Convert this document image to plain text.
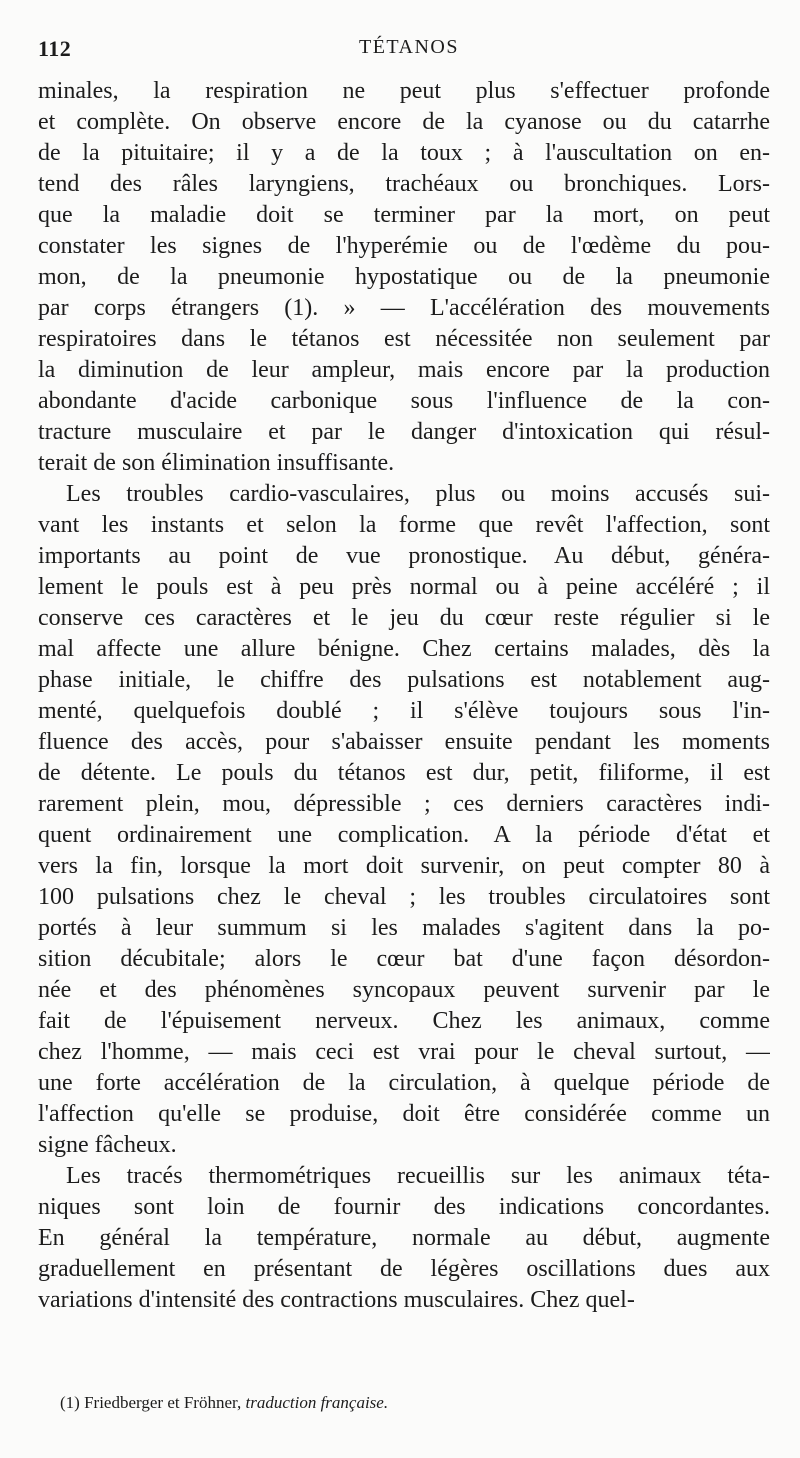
112	TÉTANOS
minales, la respiration ne peut plus s'effectuer profonde
et complète. On observe encore de la cyanose ou du catarrhe
de la pituitaire; il y a de la toux ; à l'auscultation on en-
tend des râles laryngiens, trachéaux ou bronchiques. Lors-
que la maladie doit se terminer par la mort, on peut
constater les signes de l'hyperémie ou de l'œdème du pou-
mon, de la pneumonie hypostatique ou de la pneumonie
par corps étrangers (1). » — L'accélération des mouvements
respiratoires dans le tétanos est nécessitée non seulement par
la diminution de leur ampleur, mais encore par la production
abondante d'acide carbonique sous l'influence de la con-
tracture musculaire et par le danger d'intoxication qui résul-
terait de son élimination insuffisante.
Les troubles cardio-vasculaires, plus ou moins accusés sui-
vant les instants et selon la forme que revêt l'affection, sont
importants au point de vue pronostique. Au début, généra-
lement le pouls est à peu près normal ou à peine accéléré ; il
conserve ces caractères et le jeu du cœur reste régulier si le
mal affecte une allure bénigne. Chez certains malades, dès la
phase initiale, le chiffre des pulsations est notablement aug-
menté, quelquefois doublé ; il s'élève toujours sous l'in-
fluence des accès, pour s'abaisser ensuite pendant les moments
de détente. Le pouls du tétanos est dur, petit, filiforme, il est
rarement plein, mou, dépressible ; ces derniers caractères indi-
quent ordinairement une complication. A la période d'état et
vers la fin, lorsque la mort doit survenir, on peut compter 80 à
100 pulsations chez le cheval ; les troubles circulatoires sont
portés à leur summum si les malades s'agitent dans la po-
sition décubitale; alors le cœur bat d'une façon désordon-
née et des phénomènes syncopaux peuvent survenir par le
fait de l'épuisement nerveux. Chez les animaux, comme
chez l'homme, — mais ceci est vrai pour le cheval surtout, —
une forte accélération de la circulation, à quelque période de
l'affection qu'elle se produise, doit être considérée comme un
signe fâcheux.
Les tracés thermométriques recueillis sur les animaux téta-
niques sont loin de fournir des indications concordantes.
En général la température, normale au début, augmente
graduellement en présentant de légères oscillations dues aux
variations d'intensité des contractions musculaires. Chez quel-
(1) Friedberger et Fröhner, traduction française.
